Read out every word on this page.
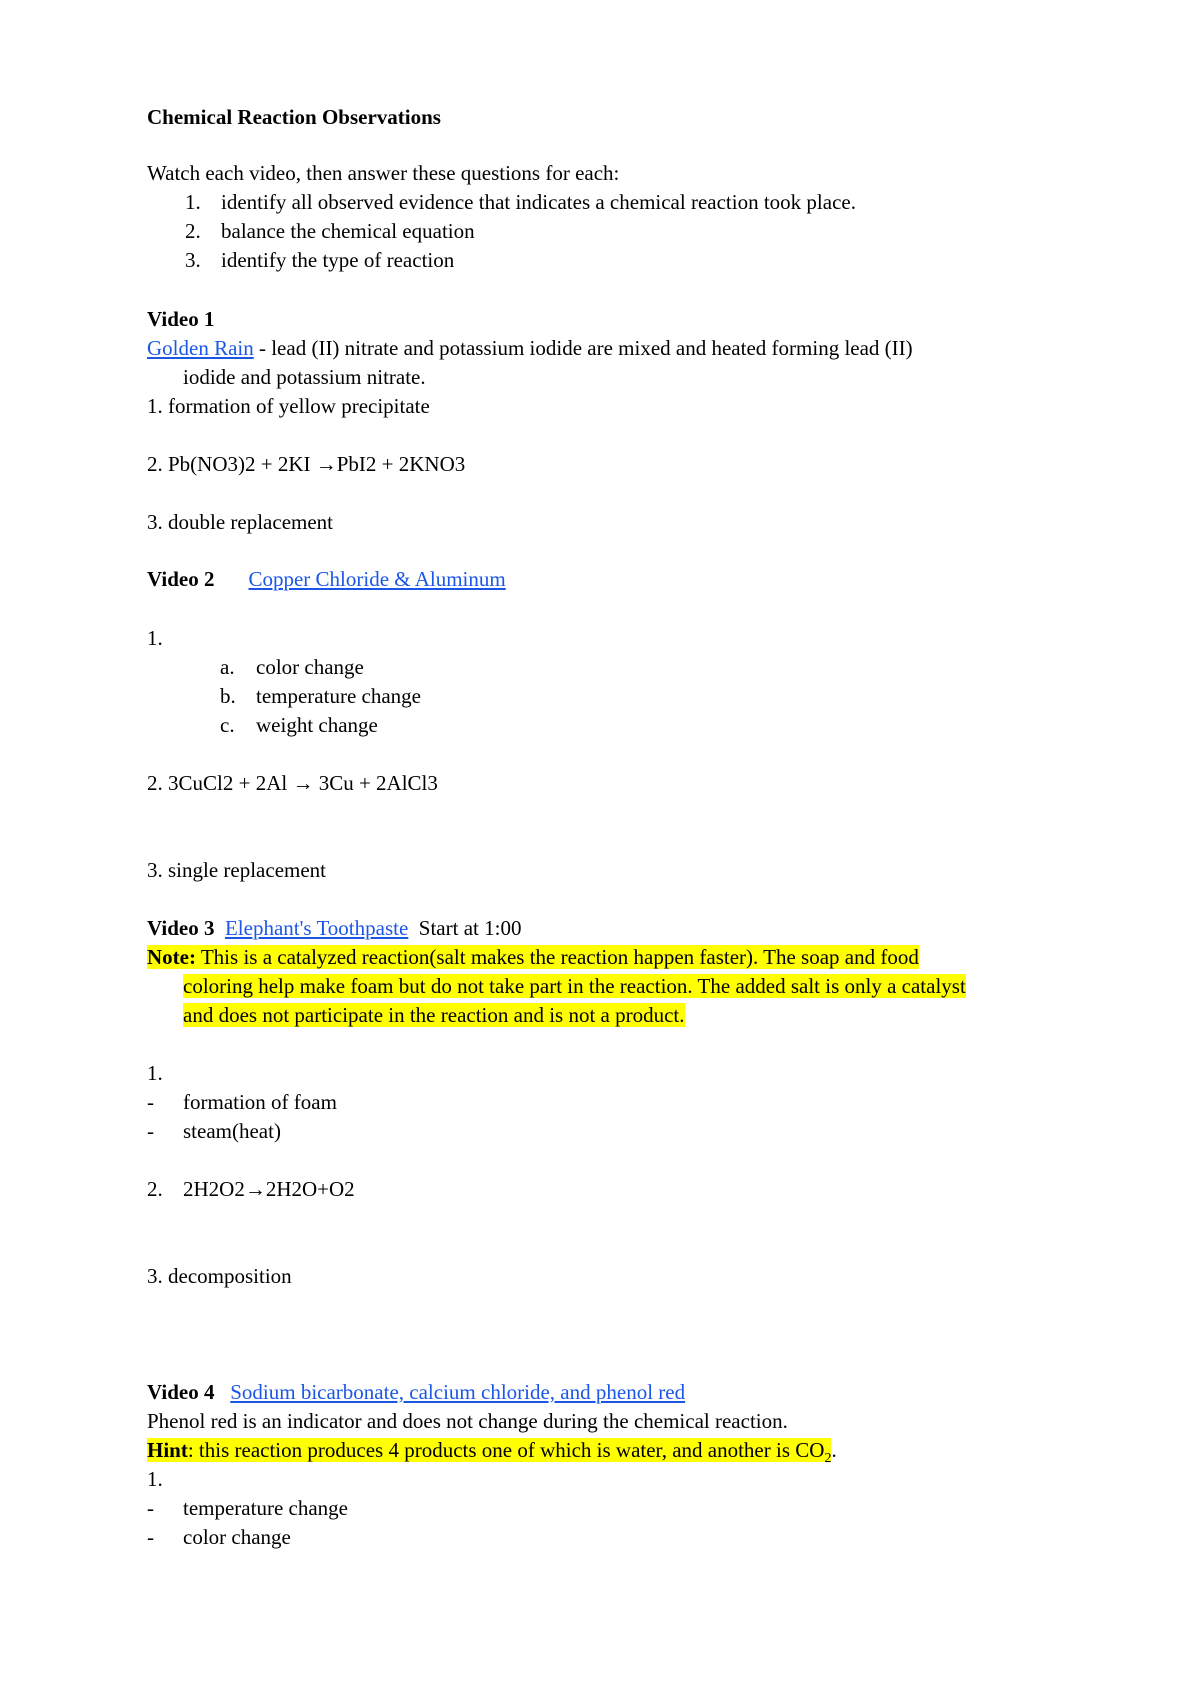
Chemical Reaction Observations
Watch each video, then answer these questions for each:
1. identify all observed evidence that indicates a chemical reaction took place.
2. balance the chemical equation
3. identify the type of reaction
Video 1
Golden Rain - lead (II) nitrate and potassium iodide are mixed and heated forming lead (II)
iodide and potassium nitrate.
1. formation of yellow precipitate
2. Pb(NO3)2 + 2KI →PbI2 + 2KNO3
3. double replacement
Video 2 Copper Chloride & Aluminum
1.
a. color change
b. temperature change
c. weight change
2. 3CuCl2 + 2Al → 3Cu + 2AlCl3
3. single replacement
Video 3 Elephant's Toothpaste Start at 1:00
Note: This is a catalyzed reaction(salt makes the reaction happen faster). The soap and food
coloring help make foam but do not take part in the reaction. The added salt is only a catalyst
and does not participate in the reaction and is not a product.
1.
- formation of foam
- steam(heat)
2. 2H2O2→2H2O+O2
3. decomposition
Video 4 Sodium bicarbonate, calcium chloride, and phenol red
Phenol red is an indicator and does not change during the chemical reaction.
Hint: this reaction produces 4 products one of which is water, and another is $CO_2$.
1.
- temperature change
- color change
